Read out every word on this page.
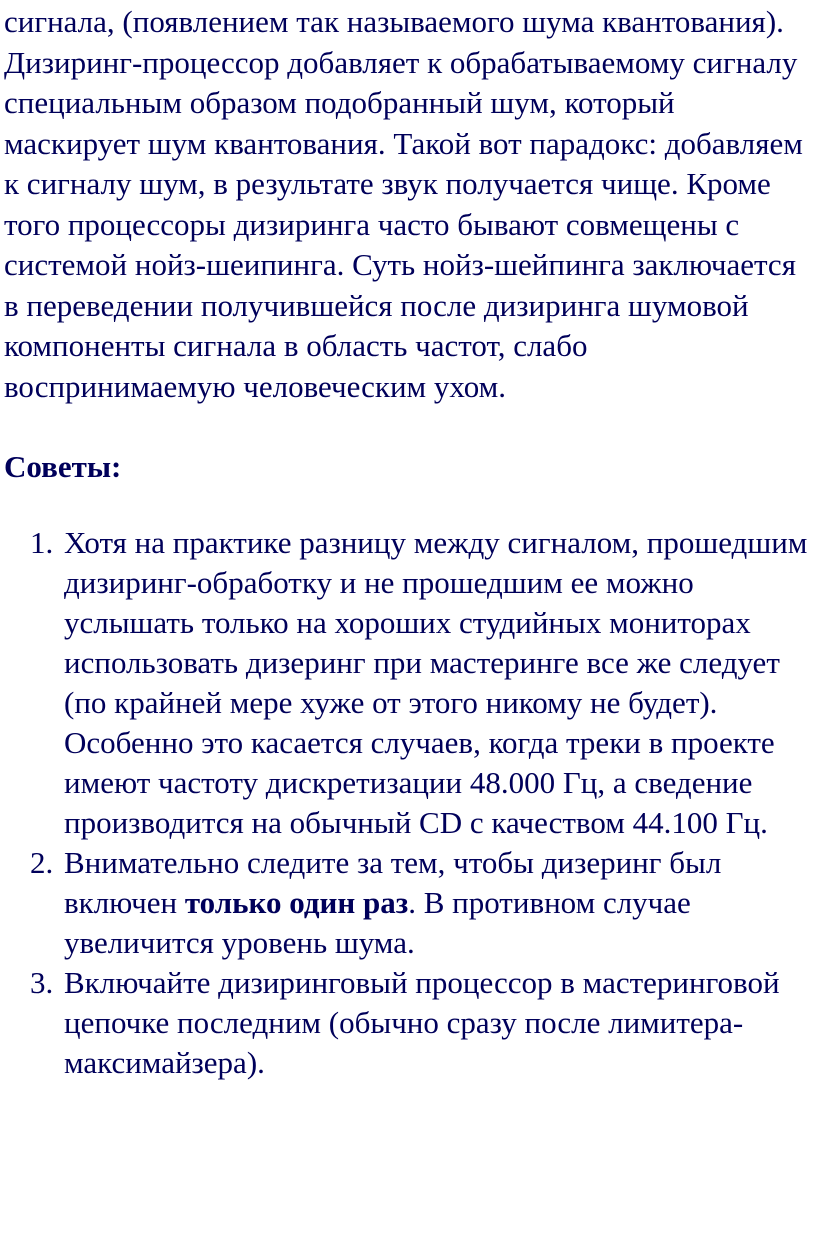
сигнала, (появлением так называемого шума квантования). Дизиринг-процессор добавляет к обрабатываемому сигналу специальным образом подобранный шум, который маскирует шум квантования. Такой вот парадокс: добавляем к сигналу шум, в результате звук получается чище. Кроме того процессоры дизиринга часто бывают совмещены с системой нойз-шеипинга. Суть нойз-шейпинга заключается в переведении получившейся после дизиринга шумовой компоненты сигнала в область частот, слабо воспринимаемую человеческим ухом.

Советы:
1. Хотя на практике разницу между сигналом, прошедшим дизиринг-обработку и не прошедшим ее можно услышать только на хороших студийных мониторах использовать дизеринг при мастеринге все же следует (по крайней мере хуже от этого никому не будет). Особенно это касается случаев, когда треки в проекте имеют частоту дискретизации 48.000 Гц, а сведение производится на обычный CD с качеством 44.100 Гц.
2. Внимательно следите за тем, чтобы дизеринг был включен только один раз. В противном случае увеличится уровень шума.
3. Включайте дизиринговый процессор в мастеринговой цепочке последним (обычно сразу после лимитера-максимайзера).
